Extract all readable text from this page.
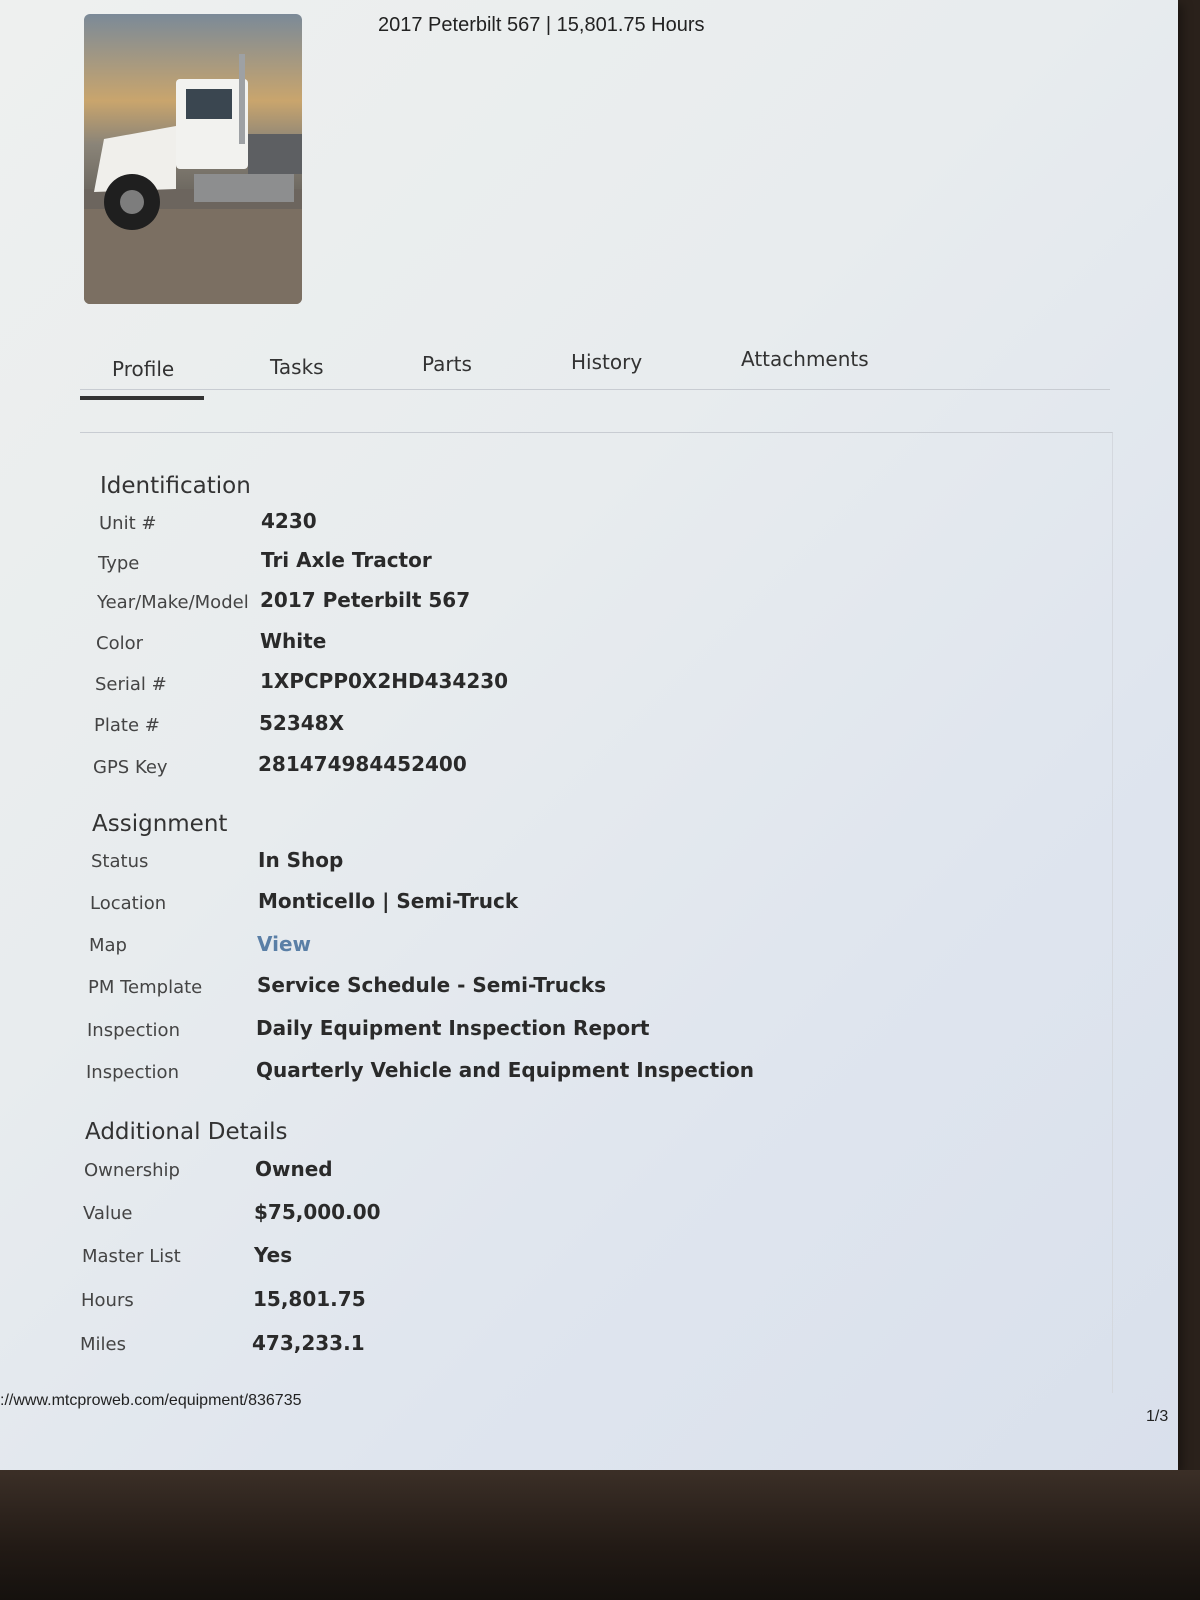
2017 Peterbilt 567 | 15,801.75 Hours
Profile	Tasks	Parts	History	Attachments
Identification
Unit #	4230
Type	Tri Axle Tractor
Year/Make/Model 2017 Peterbilt 567
Color	White
Serial #	1XPCPP0X2HD434230
Plate #	52348X
GPS Key	281474984452400
Assignment
Status	In Shop
Location	Monticello | Semi-Truck
Map	View
PM Template	Service Schedule - Semi-Trucks
Inspection	Daily Equipment Inspection Report
Inspection	Quarterly Vehicle and Equipment Inspection
Additional Details
Ownership	Owned
Value	$75,000.00
Master List	Yes
Hours	15,801.75
Miles	473,233.1
://www.mtcproweb.com/equipment/836735
1/3
